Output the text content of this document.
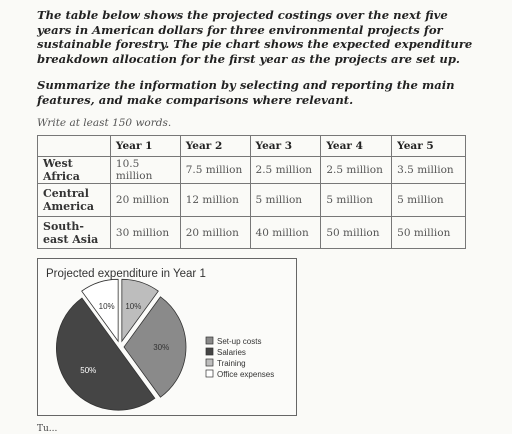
The table below shows the projected costings over the next five years in American dollars for three environmental projects for sustainable forestry. The pie chart shows the expected expenditure breakdown allocation for the first year as the projects are set up.

Summarize the information by selecting and reporting the main features, and make comparisons where relevant.

Write at least 150 words.
	Year 1	Year 2	Year 3	Year 4	Year 5
West Africa	10.5 million	7.5 million	2.5 million	2.5 million	3.5 million
Central America	20 million	12 million	5 million	5 million	5 million
South-east Asia	30 million	20 million	40 million	50 million	50 million
Projected expenditure in Year 1
10%
30%
50%
10%
Set-up costs
Salaries
Training
Office expenses
Tu...
